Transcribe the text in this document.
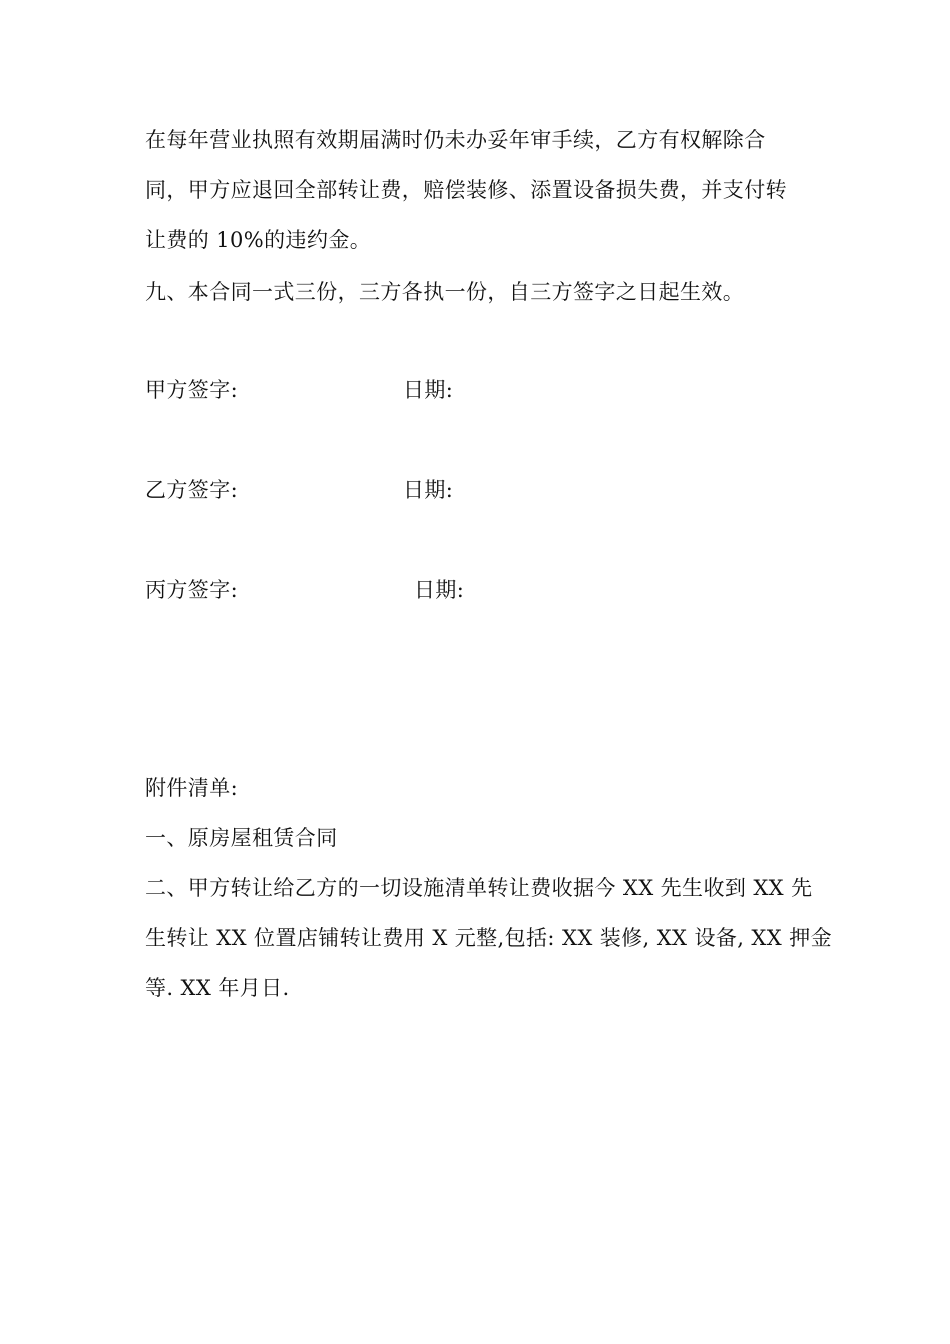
在每年营业执照有效期届满时仍未办妥年审手续，乙方有权解除合
同，甲方应退回全部转让费，赔偿装修、添置设备损失费，并支付转
让费的 10%的违约金。
九、本合同一式三份，三方各执一份，自三方签字之日起生效。
甲方签字:	日期:
乙方签字:	日期:
丙方签字:	日期:
附件清单:
一、原房屋租赁合同
二、甲方转让给乙方的一切设施清单转让费收据今 XX 先生收到 XX 先
生转让 XX 位置店铺转让费用 X 元整,包括: XX 装修, XX 设备, XX 押金
等. XX 年月日.
